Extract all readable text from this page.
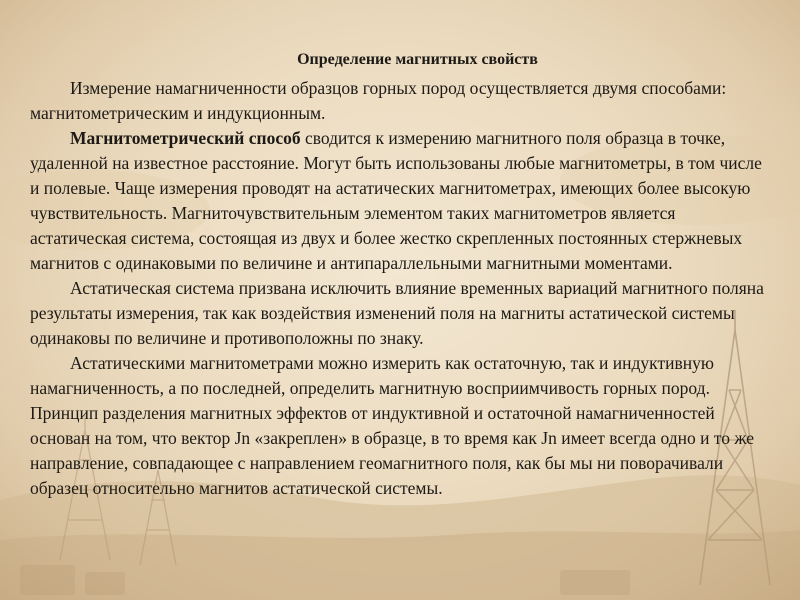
Определение магнитных свойств

Измерение намагниченности образцов горных пород осуществляется двумя способами: магнитометрическим и индукционным.

Магнитометрический способ сводится к измерению магнитного поля образца в точке, удаленной на известное расстояние. Могут быть использованы любые магнитометры, в том числе и полевые. Чаще измерения проводят на астатических магнитометрах, имеющих более высокую чувствительность. Магниточувствительным элементом таких магнитометров является астатическая система, состоящая из двух и более жестко скрепленных постоянных стержневых магнитов с одинаковыми по величине и антипараллельными магнитными моментами.

Астатическая система призвана исключить влияние временных вариаций магнитного поляна результаты измерения, так как воздействия изменений поля на магниты астатической системы одинаковы по величине и противоположны по знаку.

Астатическими магнитометрами можно измерить как остаточную, так и индуктивную намагниченность, а по последней, определить магнитную восприимчивость горных пород. Принцип разделения магнитных эффектов от индуктивной и остаточной намагниченностей основан на том, что вектор Jn «закреплен» в образце, в то время как Jn имеет всегда одно и то же направление, совпадающее с направлением геомагнитного поля, как бы мы ни поворачивали образец относительно магнитов астатической системы.
